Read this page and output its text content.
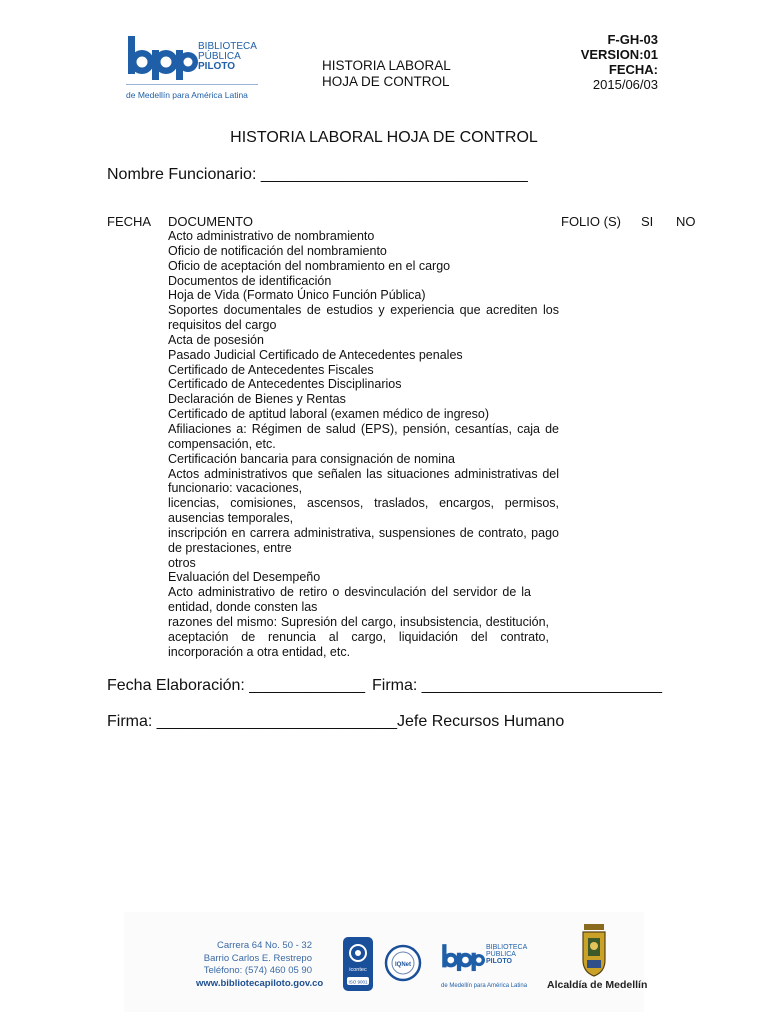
BIBLIOTECA
PÚBLICA
PILOTO
de Medellín para América Latina
HISTORIA LABORAL
HOJA DE CONTROL
F-GH-03
VERSION:01
FECHA:
2015/06/03
HISTORIA LABORAL HOJA DE CONTROL
Nombre Funcionario: ______________________________
FECHA DOCUMENTO	FOLIO (S) SI NO
Acto administrativo de nombramiento
Oficio de notificación del nombramiento
Oficio de aceptación del nombramiento en el cargo
Documentos de identificación
Hoja de Vida (Formato Único Función Pública)
Soportes documentales de estudios y experiencia que acrediten los requisitos del cargo
Acta de posesión
Pasado Judicial Certificado de Antecedentes penales
Certificado de Antecedentes Fiscales
Certificado de Antecedentes Disciplinarios
Declaración de Bienes y Rentas
Certificado de aptitud laboral (examen médico de ingreso)
Afiliaciones a: Régimen de salud (EPS), pensión, cesantías, caja de compensación, etc.
Certificación bancaria para consignación de nomina
Actos administrativos que señalen las situaciones administrativas del funcionario: vacaciones,
licencias, comisiones, ascensos, traslados, encargos, permisos, ausencias temporales,
inscripción en carrera administrativa, suspensiones de contrato, pago de prestaciones, entre
otros
Evaluación del Desempeño
Acto administrativo de retiro o desvinculación del servidor de la entidad, donde consten las
razones del mismo: Supresión del cargo, insubsistencia, destitución, aceptación de renuncia al cargo, liquidación del contrato, incorporación a otra entidad, etc.
Fecha Elaboración: _____________ Firma: ___________________________
Firma: ___________________________Jefe Recursos Humano
Carrera 64 No. 50 - 32
Barrio Carlos E. Restrepo
Teléfono: (574) 460 05 90
www.bibliotecapiloto.gov.co
icontec
ISO 9001
IQNet
BIBLIOTECA
PÚBLICA
PILOTO
de Medellín para América Latina Alcaldía de Medellín
